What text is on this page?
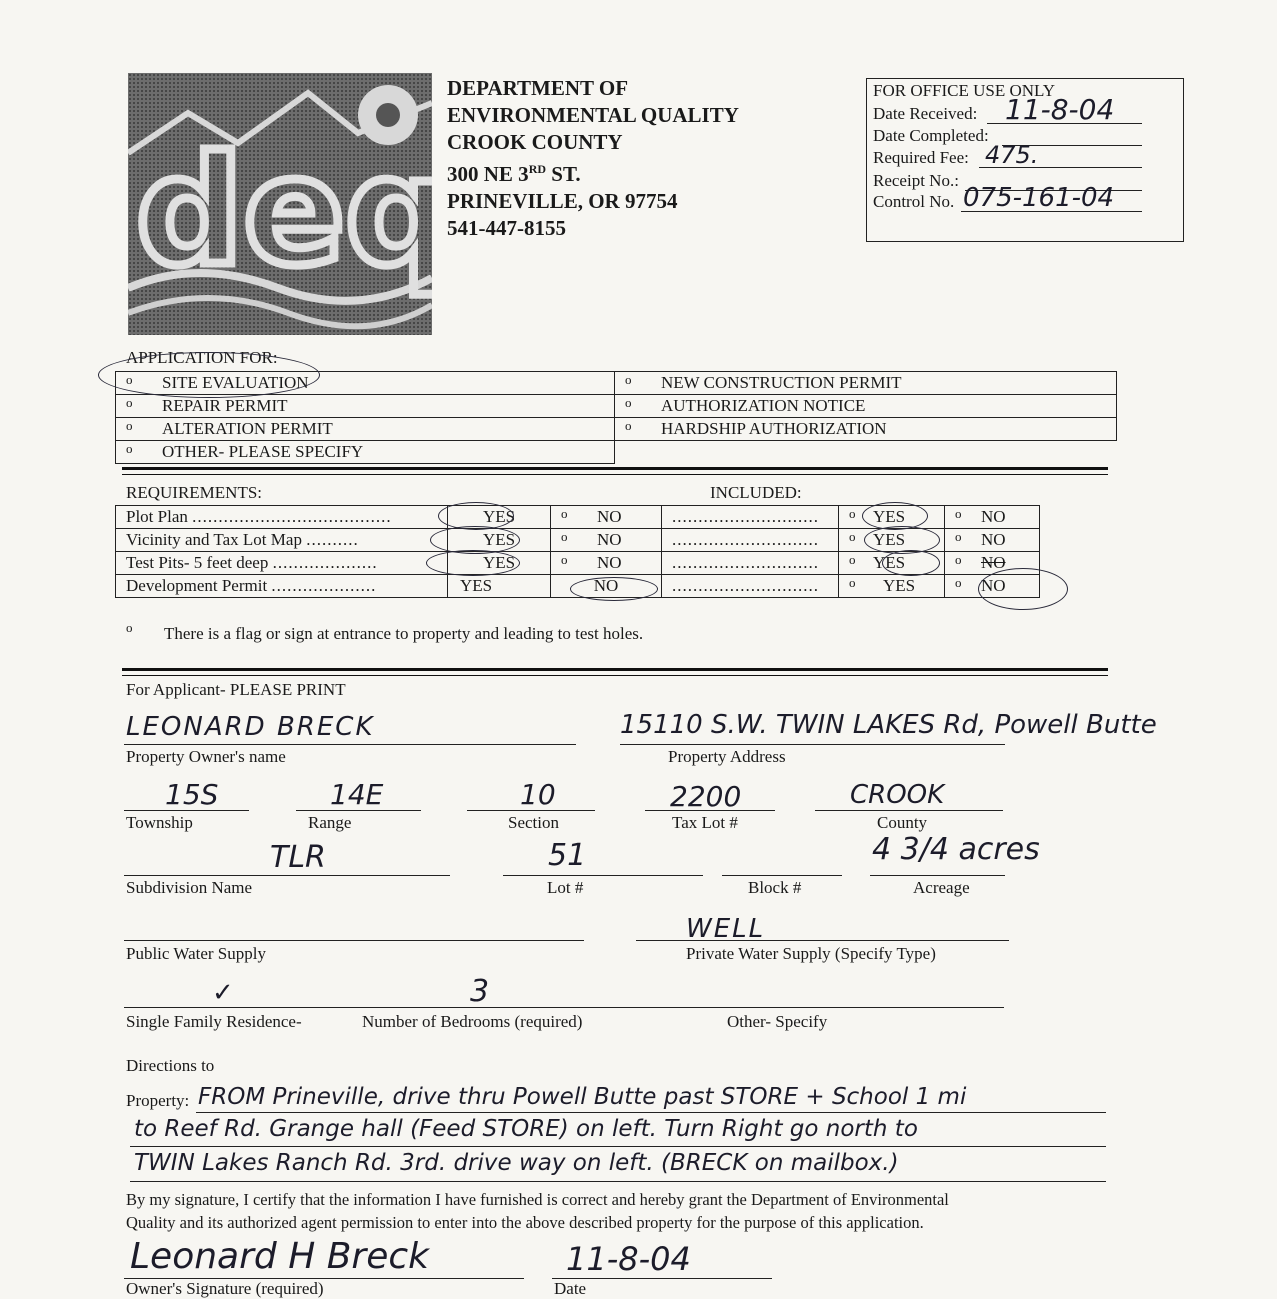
deq
DEPARTMENT OF
ENVIRONMENTAL QUALITY
CROOK COUNTY
300 NE 3RD ST.
PRINEVILLE, OR 97754
541-447-8155
FOR OFFICE USE ONLY
Date Received: 11-8-04
Date Completed:
Required Fee: 475.
Receipt No.:
Control No. 075-161-04
APPLICATION FOR:
o SITE EVALUATION	o NEW CONSTRUCTION PERMIT
o REPAIR PERMIT	o AUTHORIZATION NOTICE
o ALTERATION PERMIT	o HARDSHIP AUTHORIZATION
o OTHER- PLEASE SPECIFY	
REQUIREMENTS:	INCLUDED:
Plot Plan ......................................	YES	o NO	............................	o YES	o NO
Vicinity and Tax Lot Map ..........	YES	o NO	............................	o YES	o NO
Test Pits- 5 feet deep ....................	YES	o NO	............................	o YES	o NO
Development Permit ....................	YES	NO	............................	o YES	o NO
o There is a flag or sign at entrance to property and leading to test holes.
For Applicant- PLEASE PRINT
LEONARD BRECK
Property Owner's name
15110 S.W. TWIN LAKES Rd, Powell Butte
Property Address
15S
Township
14E
Range
10
Section
2200
Tax Lot #
CROOK
County
TLR
Subdivision Name
51
Lot #	Block #
4 3/4 acres
Acreage
Public Water Supply
WELL
Private Water Supply (Specify Type)
✓	3
Single Family Residence-	Number of Bedrooms (required)	Other- Specify
Directions to
Property: FROM Prineville, drive thru Powell Butte past STORE + School 1 mi
to Reef Rd. Grange hall (Feed STORE) on left. Turn Right go north to
TWIN Lakes Ranch Rd. 3rd. drive way on left. (BRECK on mailbox.)
By my signature, I certify that the information I have furnished is correct and hereby grant the Department of Environmental
Quality and its authorized agent permission to enter into the above described property for the purpose of this application.
Leonard H Breck	11-8-04
Owner's Signature (required)	Date
